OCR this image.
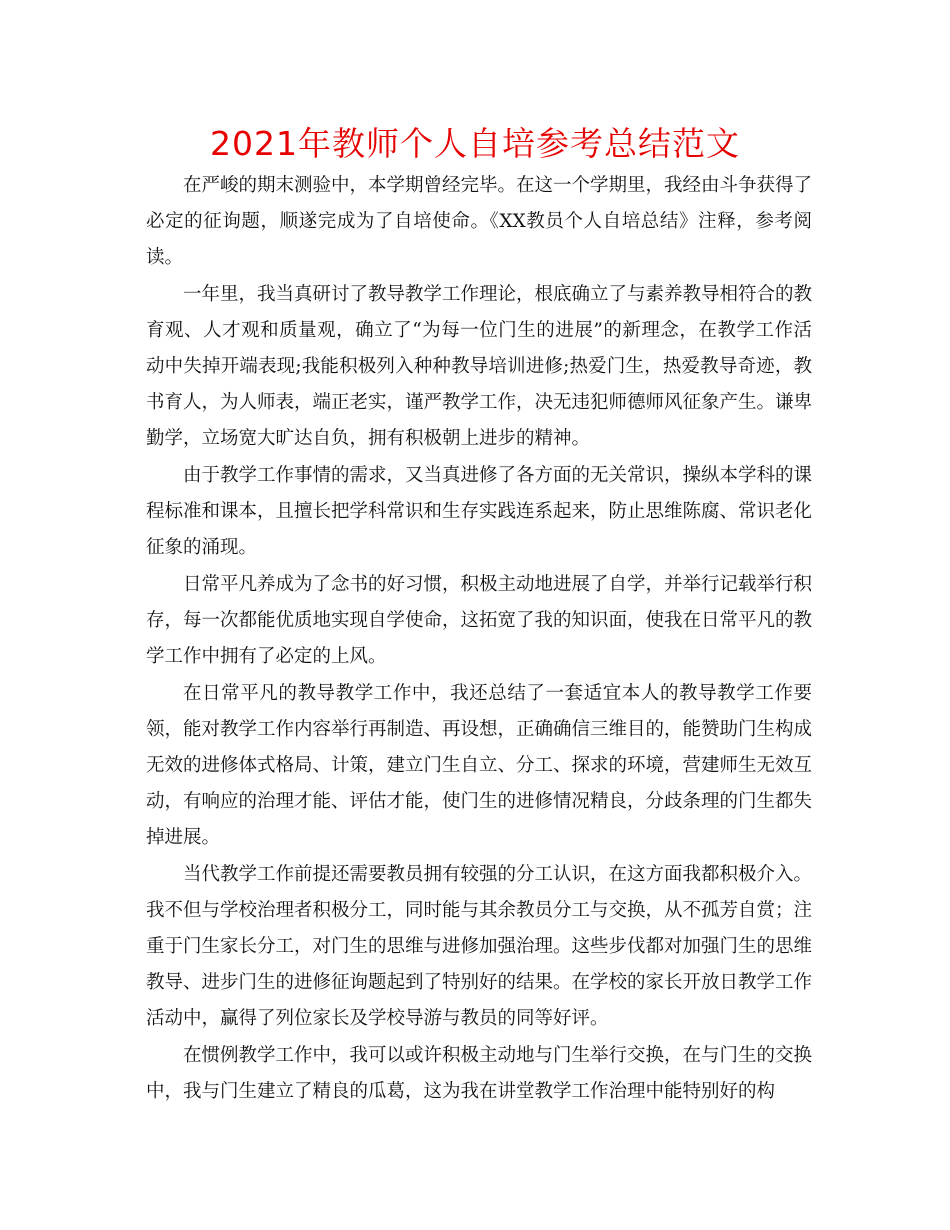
2021年教师个人自培参考总结范文

在严峻的期末测验中，本学期曾经完毕。在这一个学期里，我经由斗争获得了必定的征询题，顺遂完成为了自培使命。《XX教员个人自培总结》注释，参考阅读。

一年里，我当真研讨了教导教学工作理论，根底确立了与素养教导相符合的教育观、人才观和质量观，确立了“为每一位门生的进展”的新理念，在教学工作活动中失掉开端表现;我能积极列入种种教导培训进修;热爱门生，热爱教导奇迹，教书育人，为人师表，端正老实，谨严教学工作，决无违犯师德师风征象产生。谦卑勤学，立场宽大旷达自负，拥有积极朝上进步的精神。

由于教学工作事情的需求，又当真进修了各方面的无关常识，操纵本学科的课程标准和课本，且擅长把学科常识和生存实践连系起来，防止思维陈腐、常识老化征象的涌现。

日常平凡养成为了念书的好习惯，积极主动地进展了自学，并举行记载举行积存，每一次都能优质地实现自学使命，这拓宽了我的知识面，使我在日常平凡的教学工作中拥有了必定的上风。

在日常平凡的教导教学工作中，我还总结了一套适宜本人的教导教学工作要领，能对教学工作内容举行再制造、再设想，正确确信三维目的，能赞助门生构成无效的进修体式格局、计策，建立门生自立、分工、探求的环境，营建师生无效互动，有响应的治理才能、评估才能，使门生的进修情况精良，分歧条理的门生都失掉进展。

当代教学工作前提还需要教员拥有较强的分工认识，在这方面我都积极介入。我不但与学校治理者积极分工，同时能与其余教员分工与交换，从不孤芳自赏；注重于门生家长分工，对门生的思维与进修加强治理。这些步伐都对加强门生的思维教导、进步门生的进修征询题起到了特别好的结果。在学校的家长开放日教学工作活动中，赢得了列位家长及学校导游与教员的同等好评。

在惯例教学工作中，我可以或许积极主动地与门生举行交换，在与门生的交换中，我与门生建立了精良的瓜葛，这为我在讲堂教学工作治理中能特别好的构
